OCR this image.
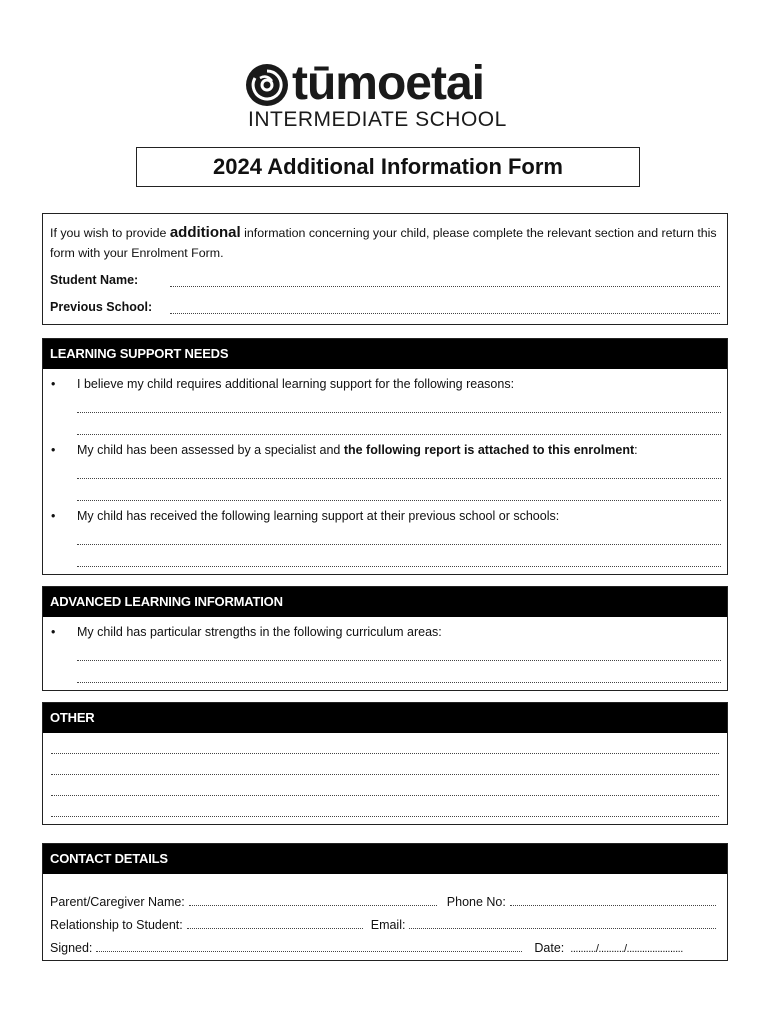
tūmoetai
INTERMEDIATE SCHOOL
2024 Additional Information Form
If you wish to provide additional information concerning your child, please complete the relevant section and return this form with your Enrolment Form.
Student Name:
Previous School:
LEARNING SUPPORT NEEDS
• I believe my child requires additional learning support for the following reasons:
• My child has been assessed by a specialist and the following report is attached to this enrolment:
• My child has received the following learning support at their previous school or schools:
ADVANCED LEARNING INFORMATION
• My child has particular strengths in the following curriculum areas:
OTHER
CONTACT DETAILS
Parent/Caregiver Name:	Phone No:
Relationship to Student:	Email:
Signed:	Date: ........../........../......................
